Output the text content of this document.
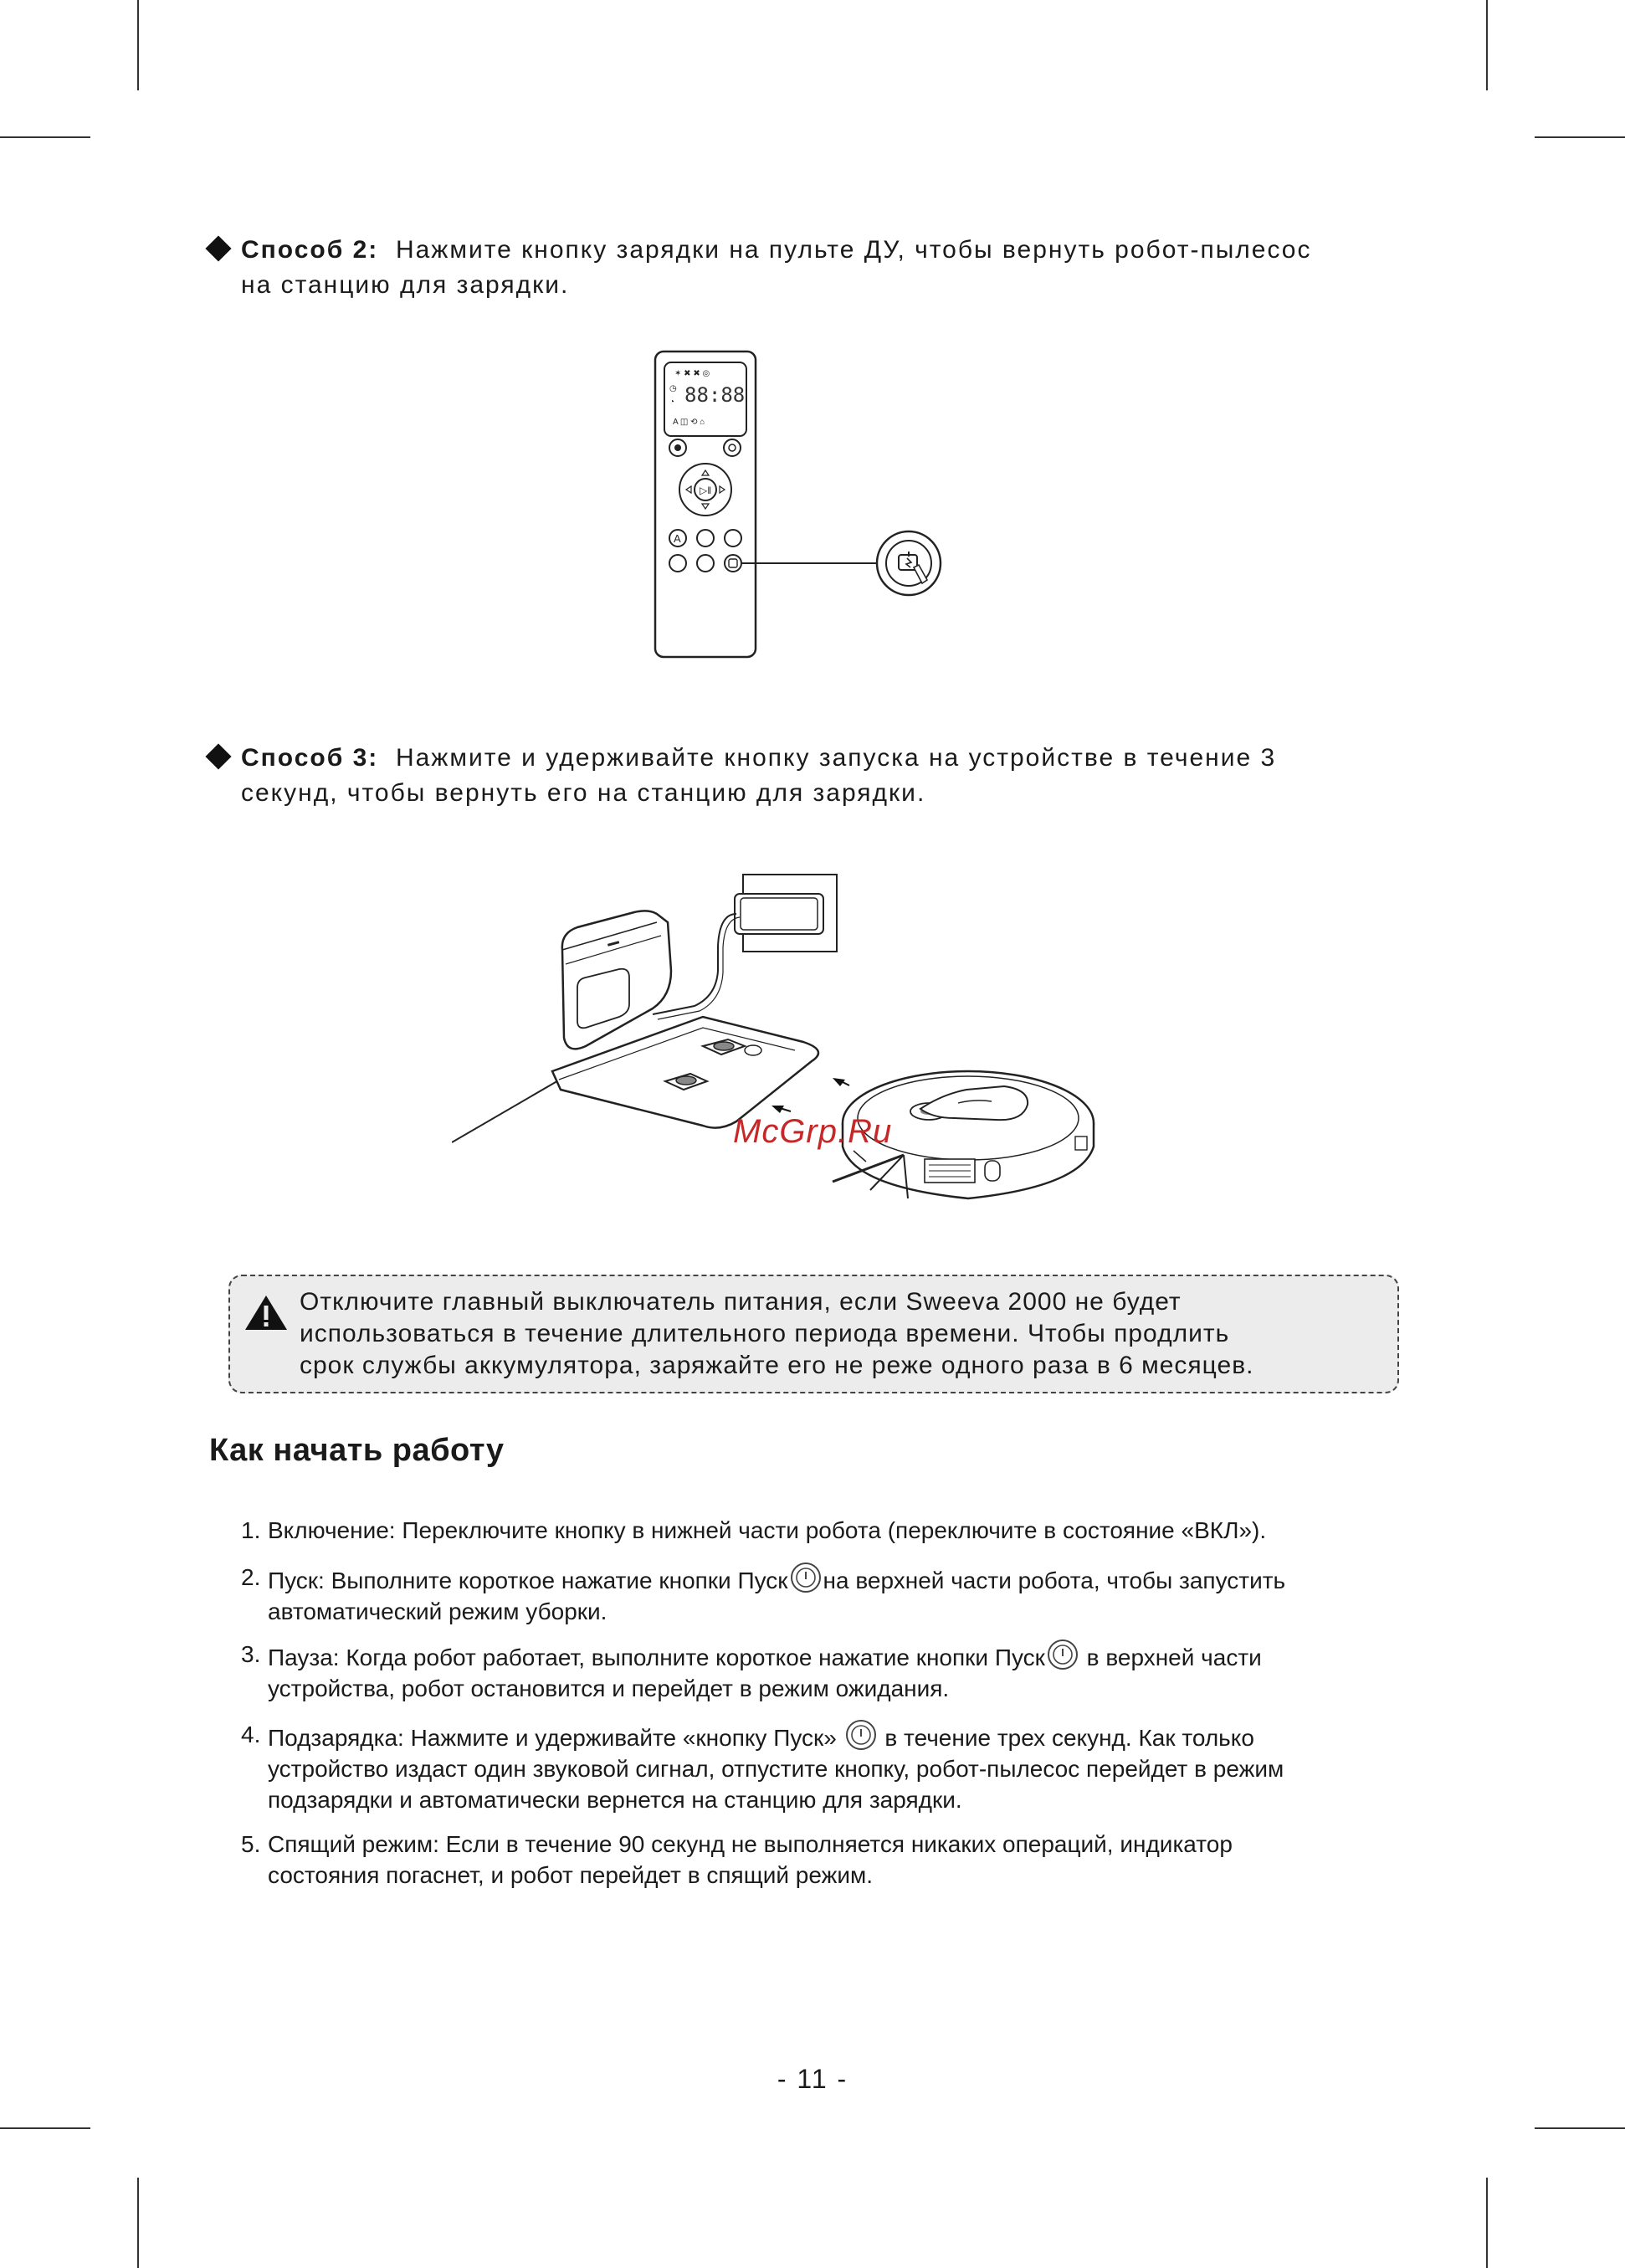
Способ 2: Нажмите кнопку зарядки на пульте ДУ, чтобы вернуть робот-пылесос
на станцию для зарядки.
✶ ✖ ✖ ◎
88:88
◷
◔
A ◫ ⟲ ⌂
▷‖
A
Способ 3: Нажмите и удерживайте кнопку запуска на устройстве в течение 3
секунд, чтобы вернуть его на станцию для зарядки.
McGrp.Ru
Отключите главный выключатель питания, если Sweeva 2000 не будет
использоваться в течение длительного периода времени. Чтобы продлить
срок службы аккумулятора, заряжайте его не реже одного раза в 6 месяцев.
Как начать работу
1. Включение: Переключите кнопку в нижней части робота (переключите в состояние «ВКЛ»).
2. Пуск: Выполните короткое нажатие кнопки Пуск на верхней части робота, чтобы запустить
автоматический режим уборки.
3. Пауза: Когда робот работает, выполните короткое нажатие кнопки Пуск в верхней части
устройства, робот остановится и перейдет в режим ожидания.
4. Подзарядка: Нажмите и удерживайте «кнопку Пуск» в течение трех секунд. Как только
устройство издаст один звуковой сигнал, отпустите кнопку, робот-пылесос перейдет в режим
подзарядки и автоматически вернется на станцию для зарядки.
5. Спящий режим: Если в течение 90 секунд не выполняется никаких операций, индикатор
состояния погаснет, и робот перейдет в спящий режим.
- 11 -
